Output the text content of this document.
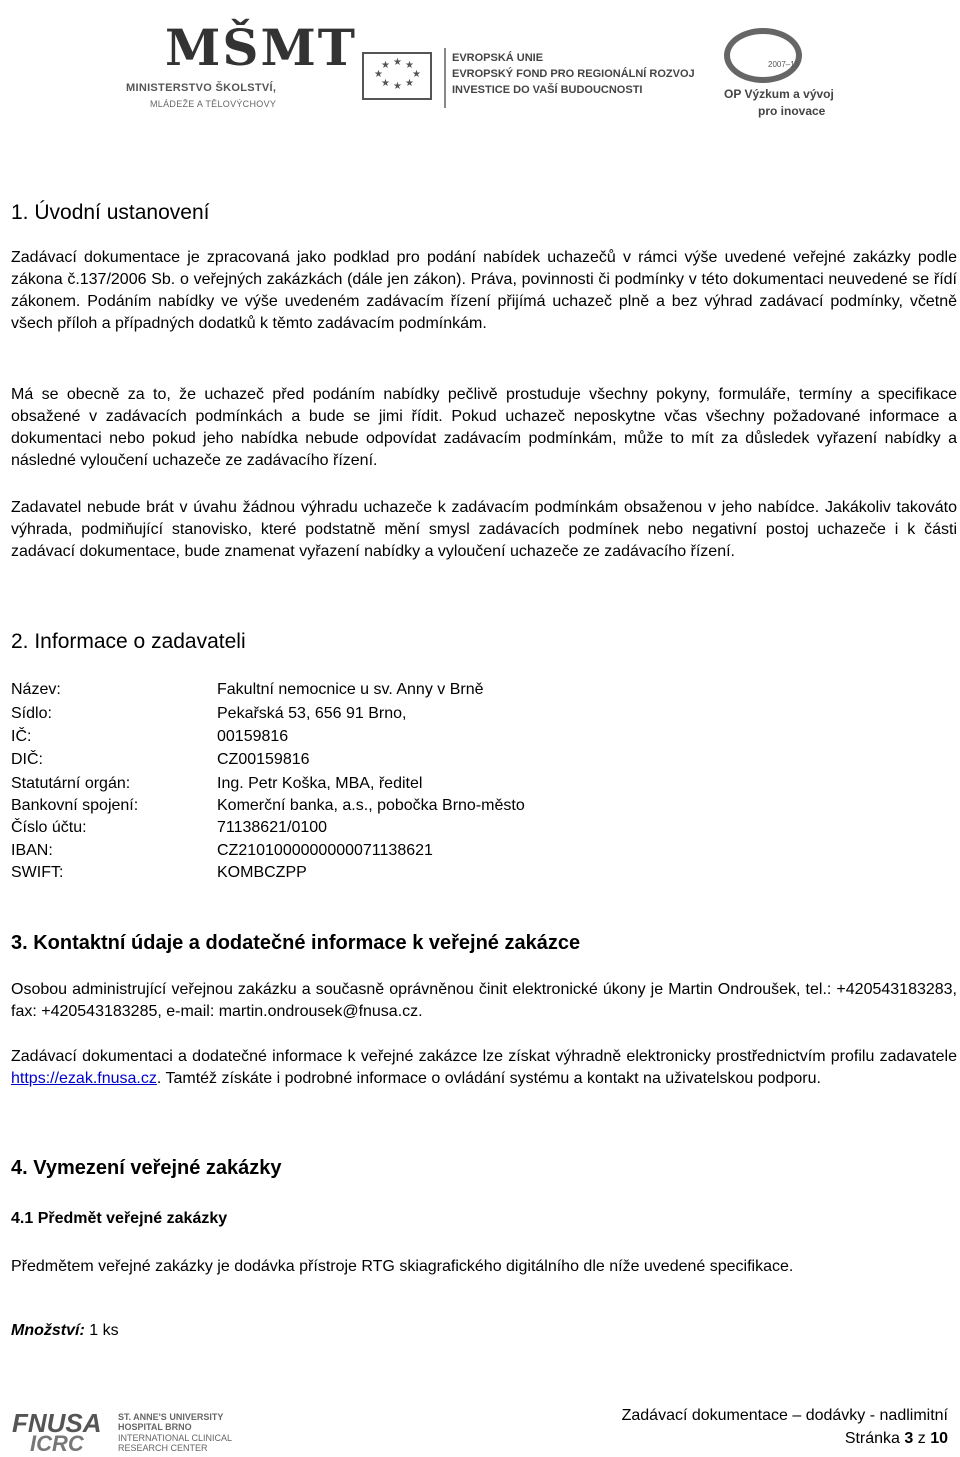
MŠMT
MINISTERSTVO ŠKOLSTVÍ,
MLÁDEŽE A TĚLOVÝCHOVY
★ ★
★
★
★
★
★
★
EVROPSKÁ UNIE
EVROPSKÝ FOND PRO REGIONÁLNÍ ROZVOJ
INVESTICE DO VAŠÍ BUDOUCNOSTI
2007–13
OP Výzkum a vývoj
pro inovace
1. Úvodní ustanovení
Zadávací dokumentace je zpracovaná jako podklad pro podání nabídek uchazečů v rámci výše uvedené veřejné zakázky podle zákona č.137/2006 Sb. o veřejných zakázkách (dále jen zákon). Práva, povinnosti či podmínky v této dokumentaci neuvedené se řídí zákonem. Podáním nabídky ve výše uvedeném zadávacím řízení přijímá uchazeč plně a bez výhrad zadávací podmínky, včetně všech příloh a případných dodatků k těmto zadávacím podmínkám.
Má se obecně za to, že uchazeč před podáním nabídky pečlivě prostuduje všechny pokyny, formuláře, termíny a specifikace obsažené v zadávacích podmínkách a bude se jimi řídit. Pokud uchazeč neposkytne včas všechny požadované informace a dokumentaci nebo pokud jeho nabídka nebude odpovídat zadávacím podmínkám, může to mít za důsledek vyřazení nabídky a následné vyloučení uchazeče ze zadávacího řízení.
Zadavatel nebude brát v úvahu žádnou výhradu uchazeče k zadávacím podmínkám obsaženou v jeho nabídce. Jakákoliv takováto výhrada, podmiňující stanovisko, které podstatně mění smysl zadávacích podmínek nebo negativní postoj uchazeče i k části zadávací dokumentace, bude znamenat vyřazení nabídky a vyloučení uchazeče ze zadávacího řízení.
2. Informace o zadavateli
Název:	Fakultní nemocnice u sv. Anny v Brně
Sídlo:	Pekařská 53, 656 91 Brno,
IČ:	00159816
DIČ:	CZ00159816
Statutární orgán:	Ing. Petr Koška, MBA, ředitel
Bankovní spojení:	Komerční banka, a.s., pobočka Brno-město
Číslo účtu:	71138621/0100
IBAN:	CZ2101000000000071138621
SWIFT:	KOMBCZPP
3. Kontaktní údaje a dodatečné informace k veřejné zakázce
Osobou administrující veřejnou zakázku a současně oprávněnou činit elektronické úkony je Martin Ondroušek, tel.: +420543183283, fax: +420543183285, e-mail: martin.ondrousek@fnusa.cz.
Zadávací dokumentaci a dodatečné informace k veřejné zakázce lze získat výhradně elektronicky prostřednictvím profilu zadavatele https://ezak.fnusa.cz. Tamtéž získáte i podrobné informace o ovládání systému a kontakt na uživatelskou podporu.
4. Vymezení veřejné zakázky
4.1 Předmět veřejné zakázky
Předmětem veřejné zakázky je dodávka přístroje RTG skiagrafického digitálního dle níže uvedené specifikace.
Množství: 1 ks
FNUSA
ICRC
ST. ANNE'S UNIVERSITY
HOSPITAL BRNO
INTERNATIONAL CLINICAL
RESEARCH CENTER
Zadávací dokumentace – dodávky - nadlimitní
Stránka 3 z 10
